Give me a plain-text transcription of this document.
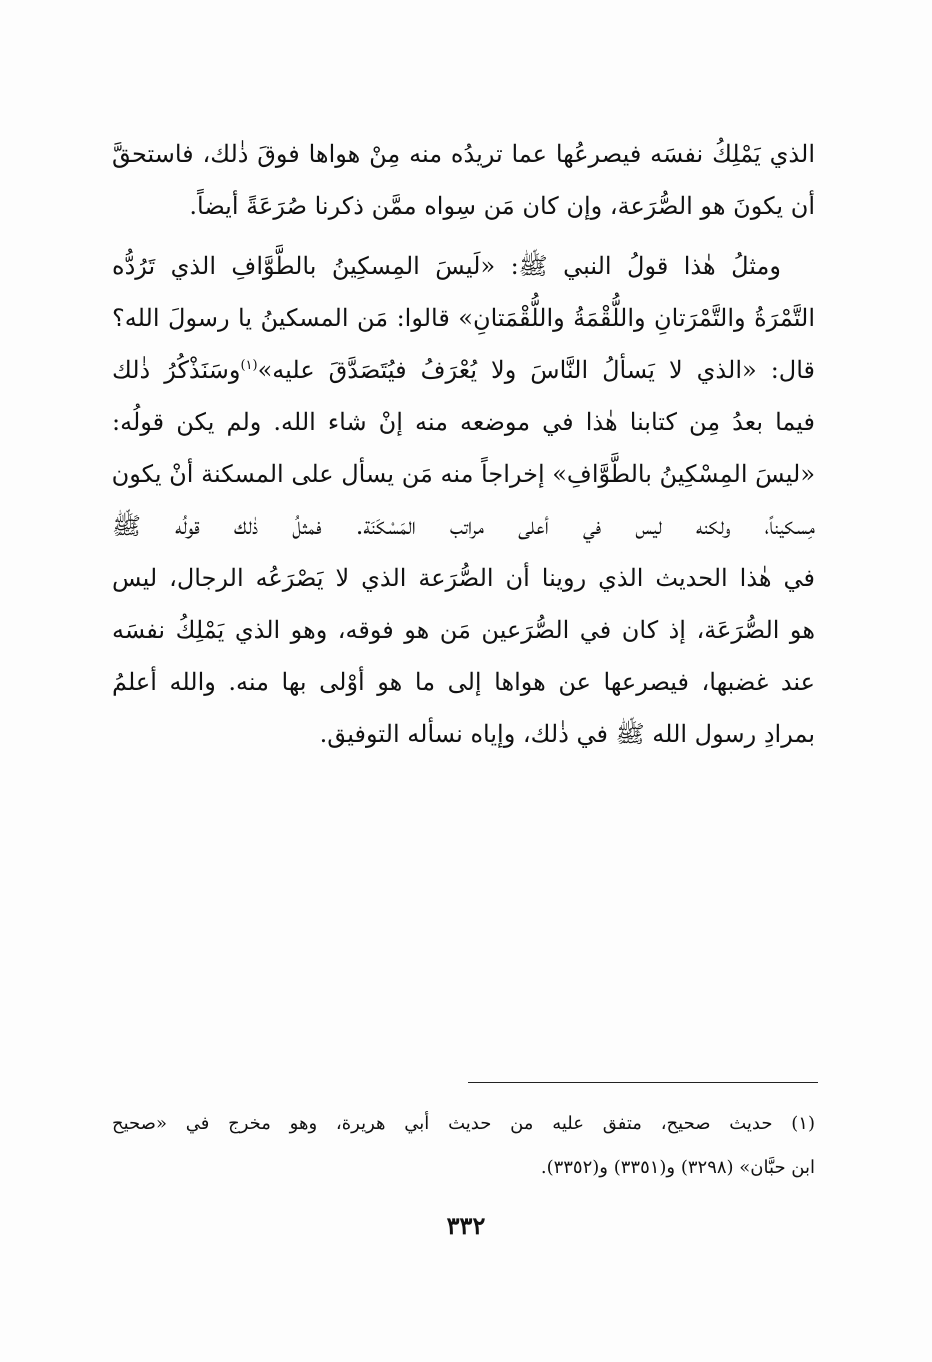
الذي يَمْلِكُ نفسَه فيصرعُها عما تريدُه منه مِنْ هواها فوقَ ذٰلك، فاستحقَّ
أن يكونَ هو الصُّرَعة، وإن كان مَن سِواه ممَّن ذكرنا صُرَعَةً أيضاً.

ومثلُ هٰذا قولُ النبي ﷺ: «لَيسَ المِسكِينُ بالطَّوَّافِ الذي تَرُدُّه
التَّمْرَةُ والتَّمْرَتانِ واللُّقْمَةُ واللُّقْمَتانِ» قالوا: مَن المسكينُ يا رسولَ الله؟
قال: «الذي لا يَسألُ النَّاسَ ولا يُعْرَفُ فيُتَصَدَّقَ عليه»$^{(١)}$وسَنَذْكُرُ ذٰلك
فيما بعدُ مِن كتابنا هٰذا في موضعه منه إنْ شاء الله. ولم يكن قولُه:
«ليسَ المِسْكِينُ بالطَّوَّافِ» إخراجاً منه مَن يسأل على المسكنة أنْ يكون
مِسكيناً، ولكنه ليس في أعلى مراتب المَسْكَنَة. فمثلُ ذٰلك قولُه ﷺ
في هٰذا الحديث الذي روينا أن الصُّرَعة الذي لا يَصْرَعُه الرجال، ليس
هو الصُّرَعَة، إذ كان في الصُّرَعين مَن هو فوقه، وهو الذي يَمْلِكُ نفسَه
عند غضبها، فيصرعها عن هواها إلى ما هو أوْلى بها منه. والله أعلمُ
بمرادِ رسول الله ﷺ في ذٰلك، وإياه نسأله التوفيق.

(١) حديث صحيح، متفق عليه من حديث أبي هريرة، وهو مخرج في «صحيح
ابن حبَّان» (٣٢٩٨) و(٣٣٥١) و(٣٣٥٢).
٣٣٢
